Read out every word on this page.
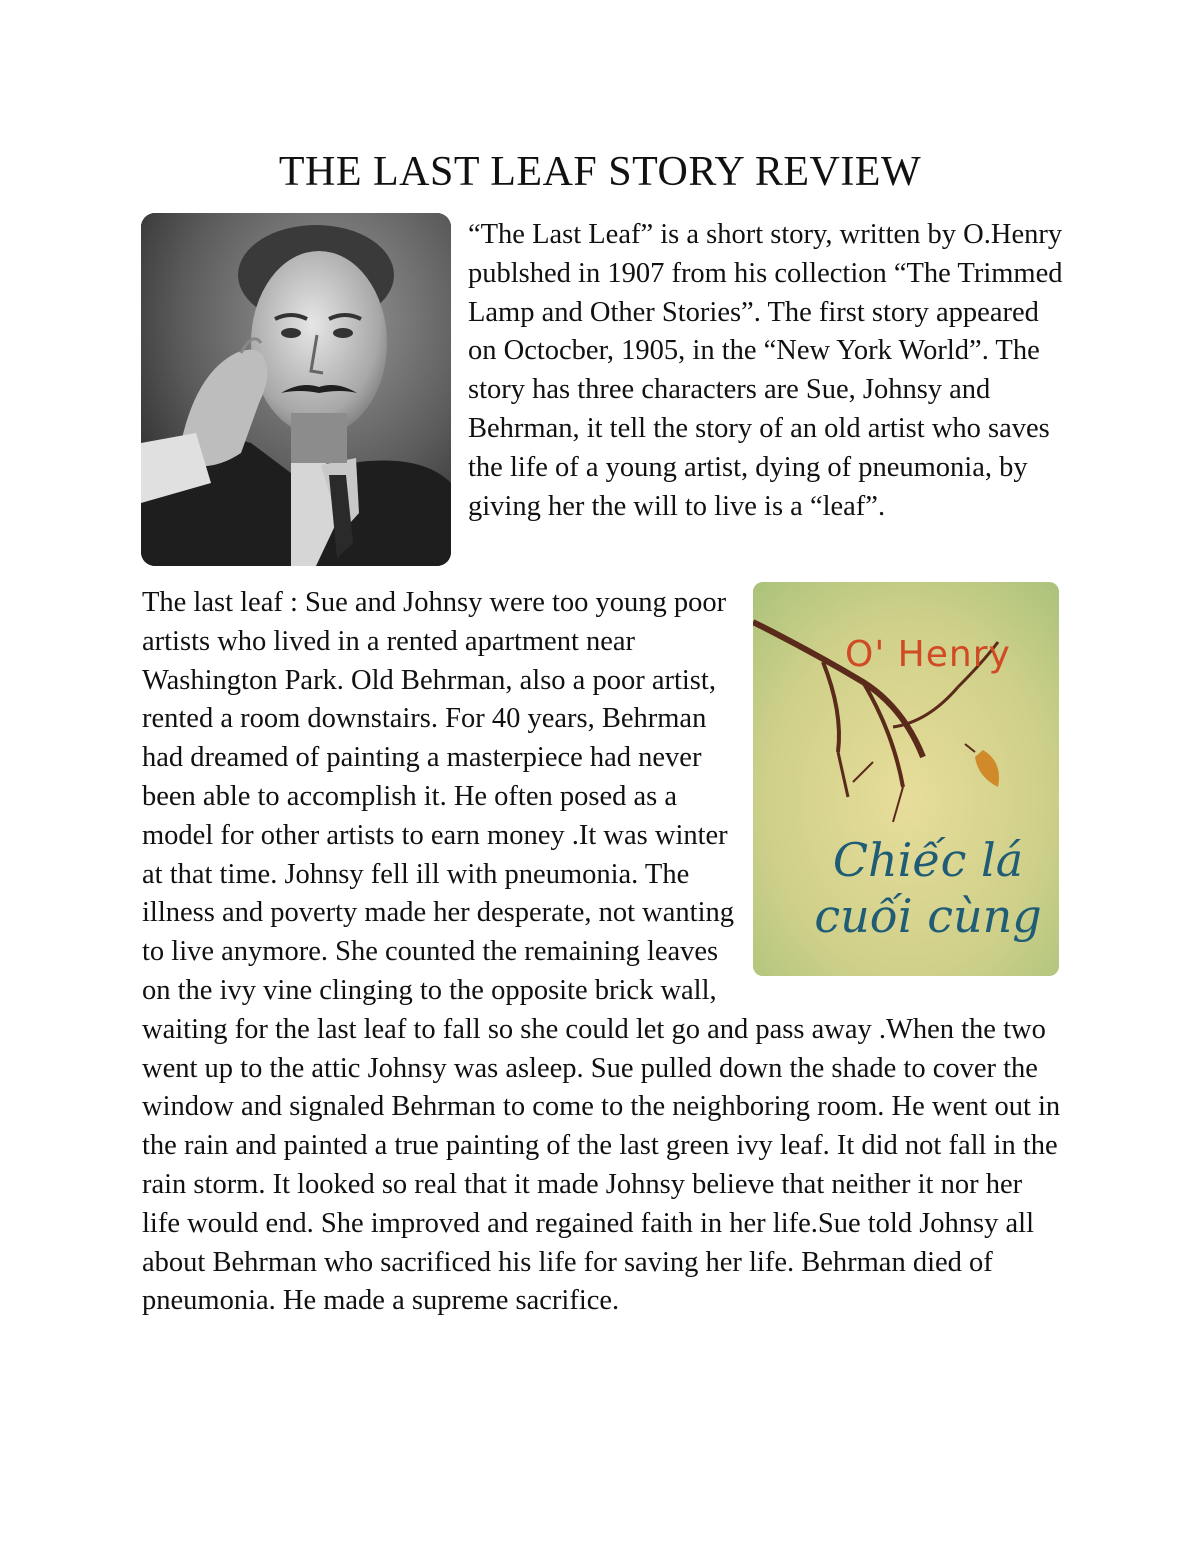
THE LAST LEAF STORY REVIEW

“The Last Leaf” is a short story, written by O.Henry publshed in 1907 from his collection “The Trimmed Lamp and Other Stories”. The first story appeared on Octocber, 1905, in the “New York World”. The story has three characters are Sue, Johnsy and Behrman, it tell the story of an old artist who saves the life of a young artist, dying of pneumonia, by giving her the will to live is a “leaf”.

The last leaf : Sue and Johnsy were too young poor artists who lived in a rented apartment near Washington Park. Old Behrman, also a poor artist, rented a room downstairs. For 40 years, Behrman had dreamed of painting a masterpiece had never been able to accomplish it. He often posed as a model for other artists to earn money .It was winter at that time. Johnsy fell ill with pneumonia. The illness and poverty made her desperate, not wanting to live anymore. She counted the remaining leaves on the ivy vine clinging to the opposite brick wall, waiting for the last leaf to fall so she could let go and pass away .When the two went up to the attic Johnsy was asleep. Sue pulled down the shade to cover the window and signaled Behrman to come to the neighboring room. He went out in the rain and painted a true painting of the last green ivy leaf. It did not fall in the rain storm. It looked so real that it made Johnsy believe that neither it nor her life would end. She improved and regained faith in her life.Sue told Johnsy all about Behrman who sacrificed his life for saving her life. Behrman died of pneumonia. He made a supreme sacrifice.

O' Henry
Chiếc lá
cuối cùng
